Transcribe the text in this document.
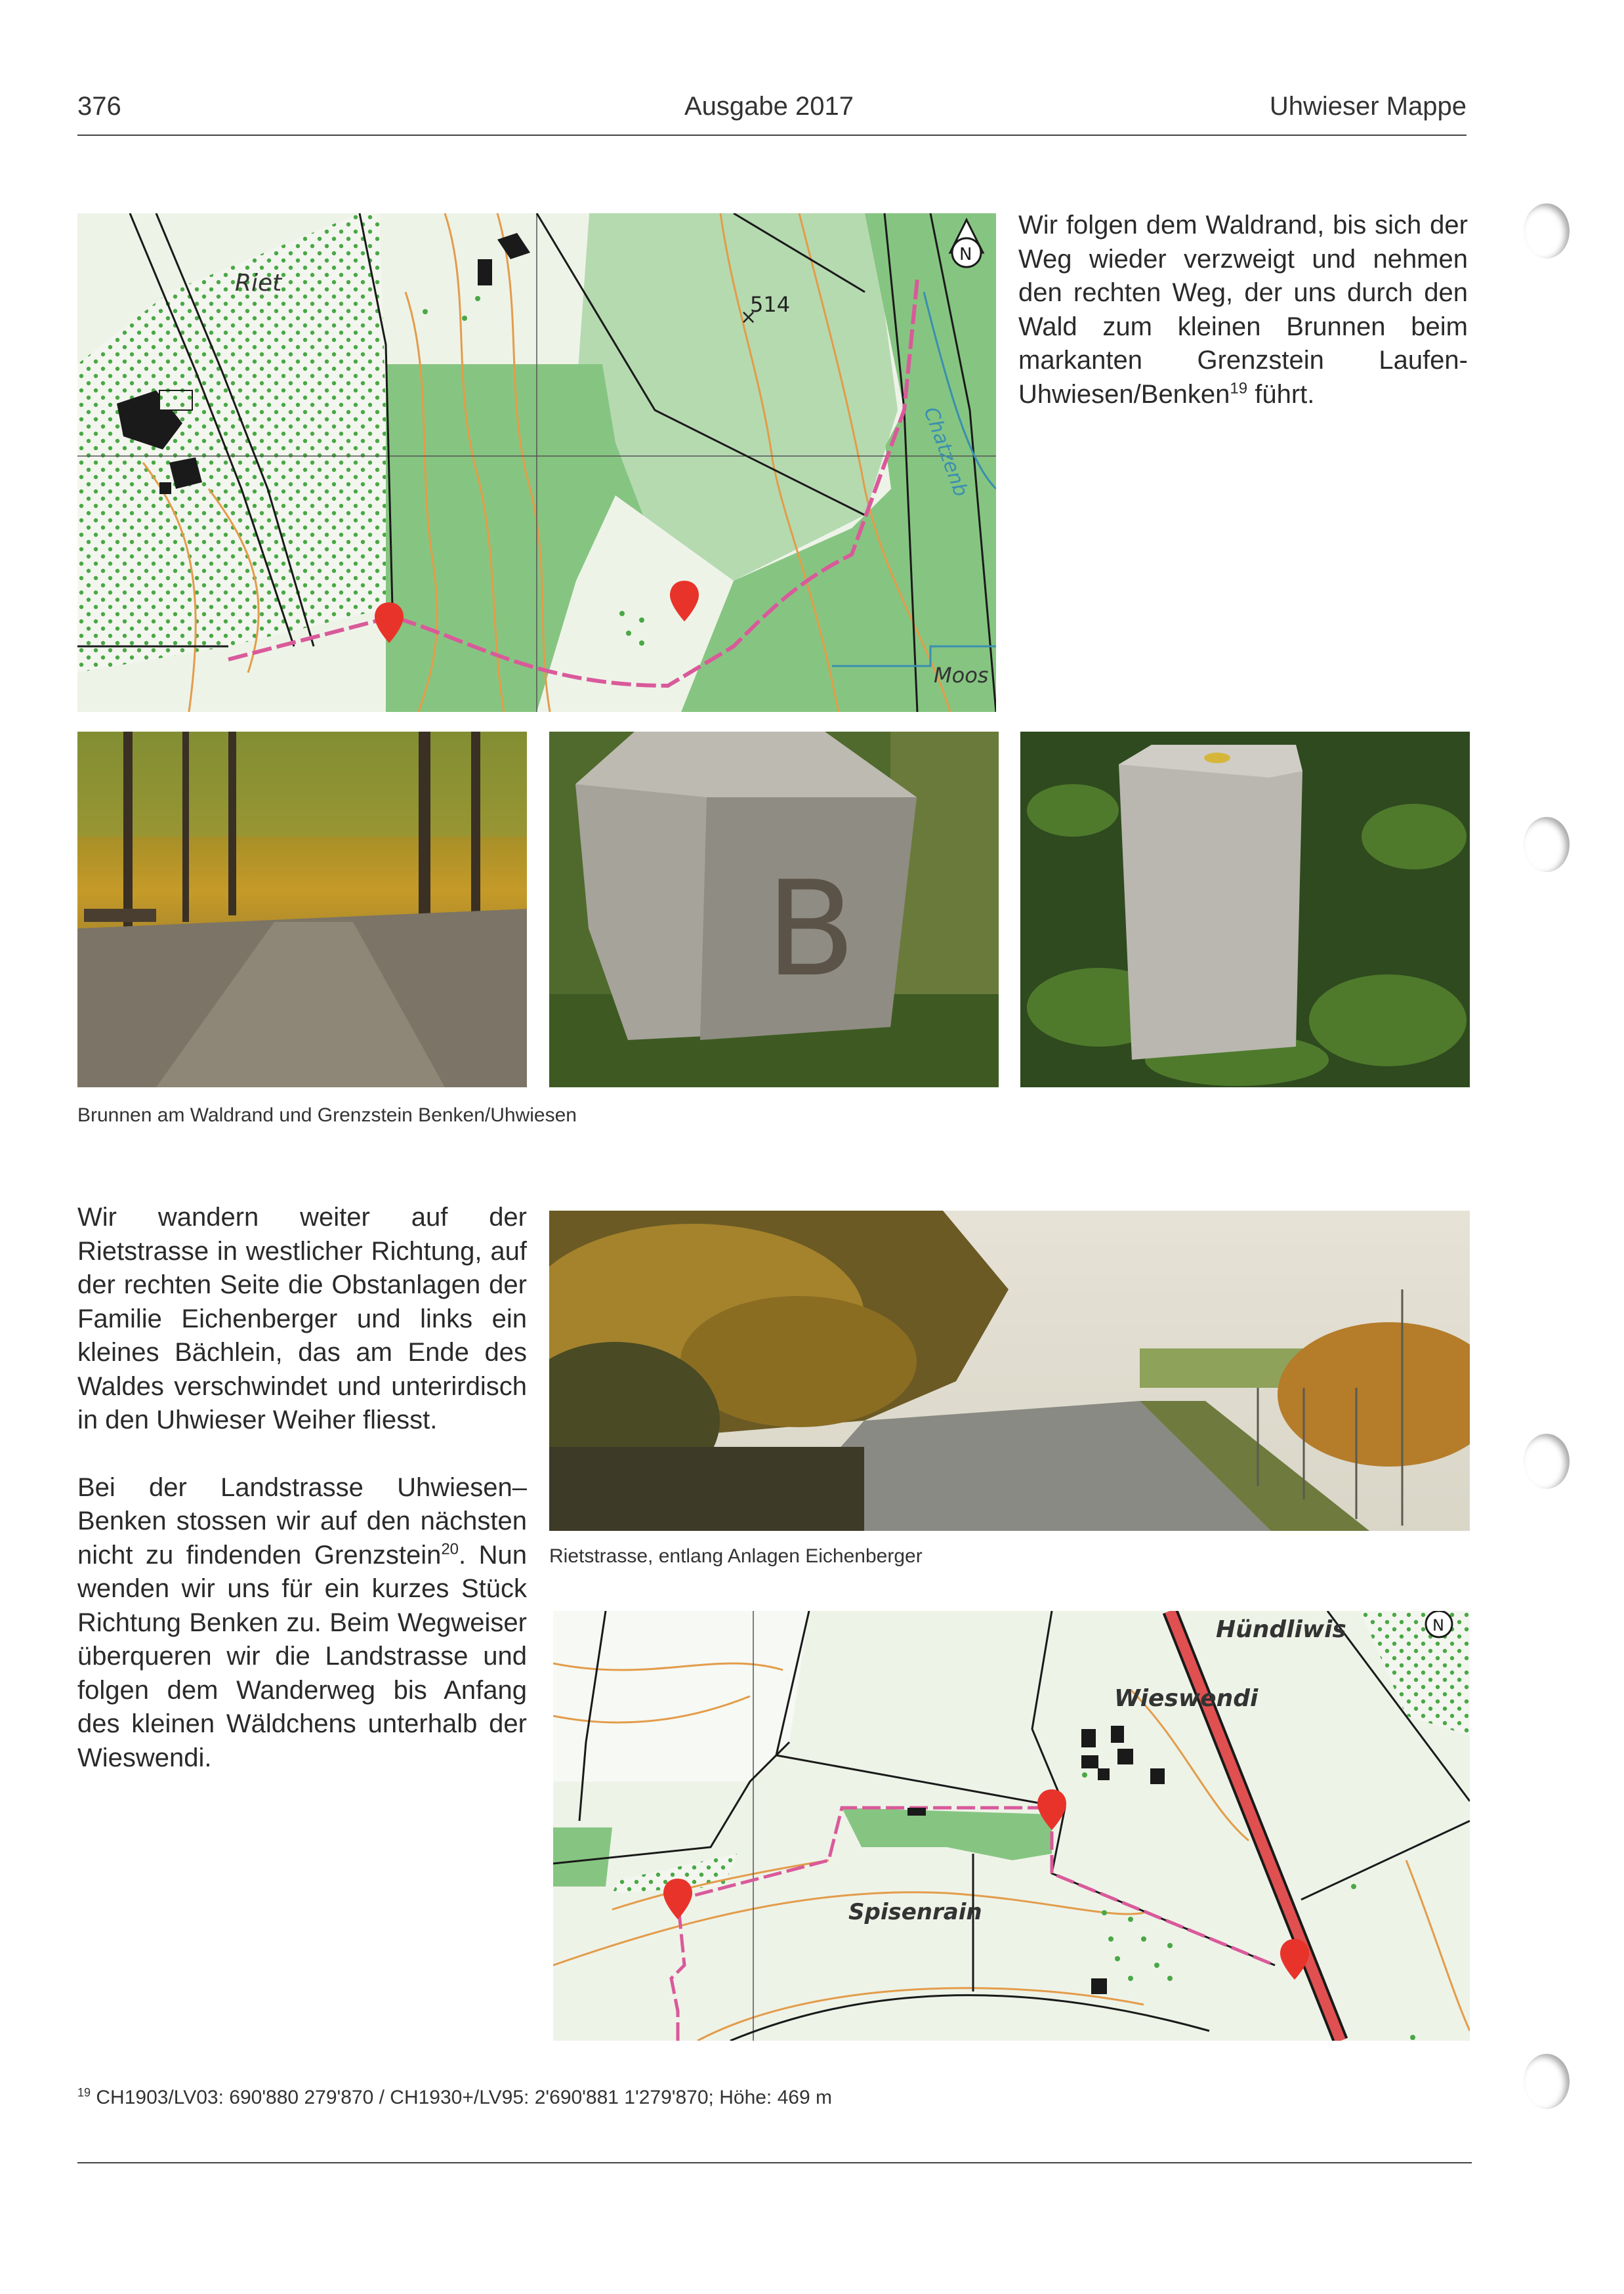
376	Ausgabe 2017	Uhwieser Mappe
Riet
×
514
Chatzenb
Moos
N

Wir folgen dem Waldrand, bis sich der Weg wieder verzweigt und nehmen den rechten Weg, der uns durch den Wald zum kleinen Brunnen beim markanten Grenzstein Laufen-Uhwiesen/Benken$^{19}$ führt.

B
Brunnen am Waldrand und Grenzstein Benken/Uhwiesen

Wir wandern weiter auf der Rietstrasse in westlicher Richtung, auf der rechten Seite die Obstanlagen der Familie Eichenberger und links ein kleines Bächlein, das am Ende des Waldes verschwindet und unterirdisch in den Uhwieser Weiher fliesst.

Bei der Landstrasse Uhwiesen–Benken stossen wir auf den nächsten nicht zu findenden Grenzstein$^{20}$. Nun wenden wir uns für ein kurzes Stück Richtung Benken zu. Beim Wegweiser überqueren wir die Landstrasse und folgen dem Wanderweg bis Anfang des kleinen Wäldchens unterhalb der Wieswendi.

Rietstrasse, entlang Anlagen Eichenberger
Hündliwis
Wieswendi
Spisenrain
N
$^{19}$ CH1903/LV03: 690'880 279'870 / CH1930+/LV95: 2'690'881 1'279'870; Höhe: 469 m
